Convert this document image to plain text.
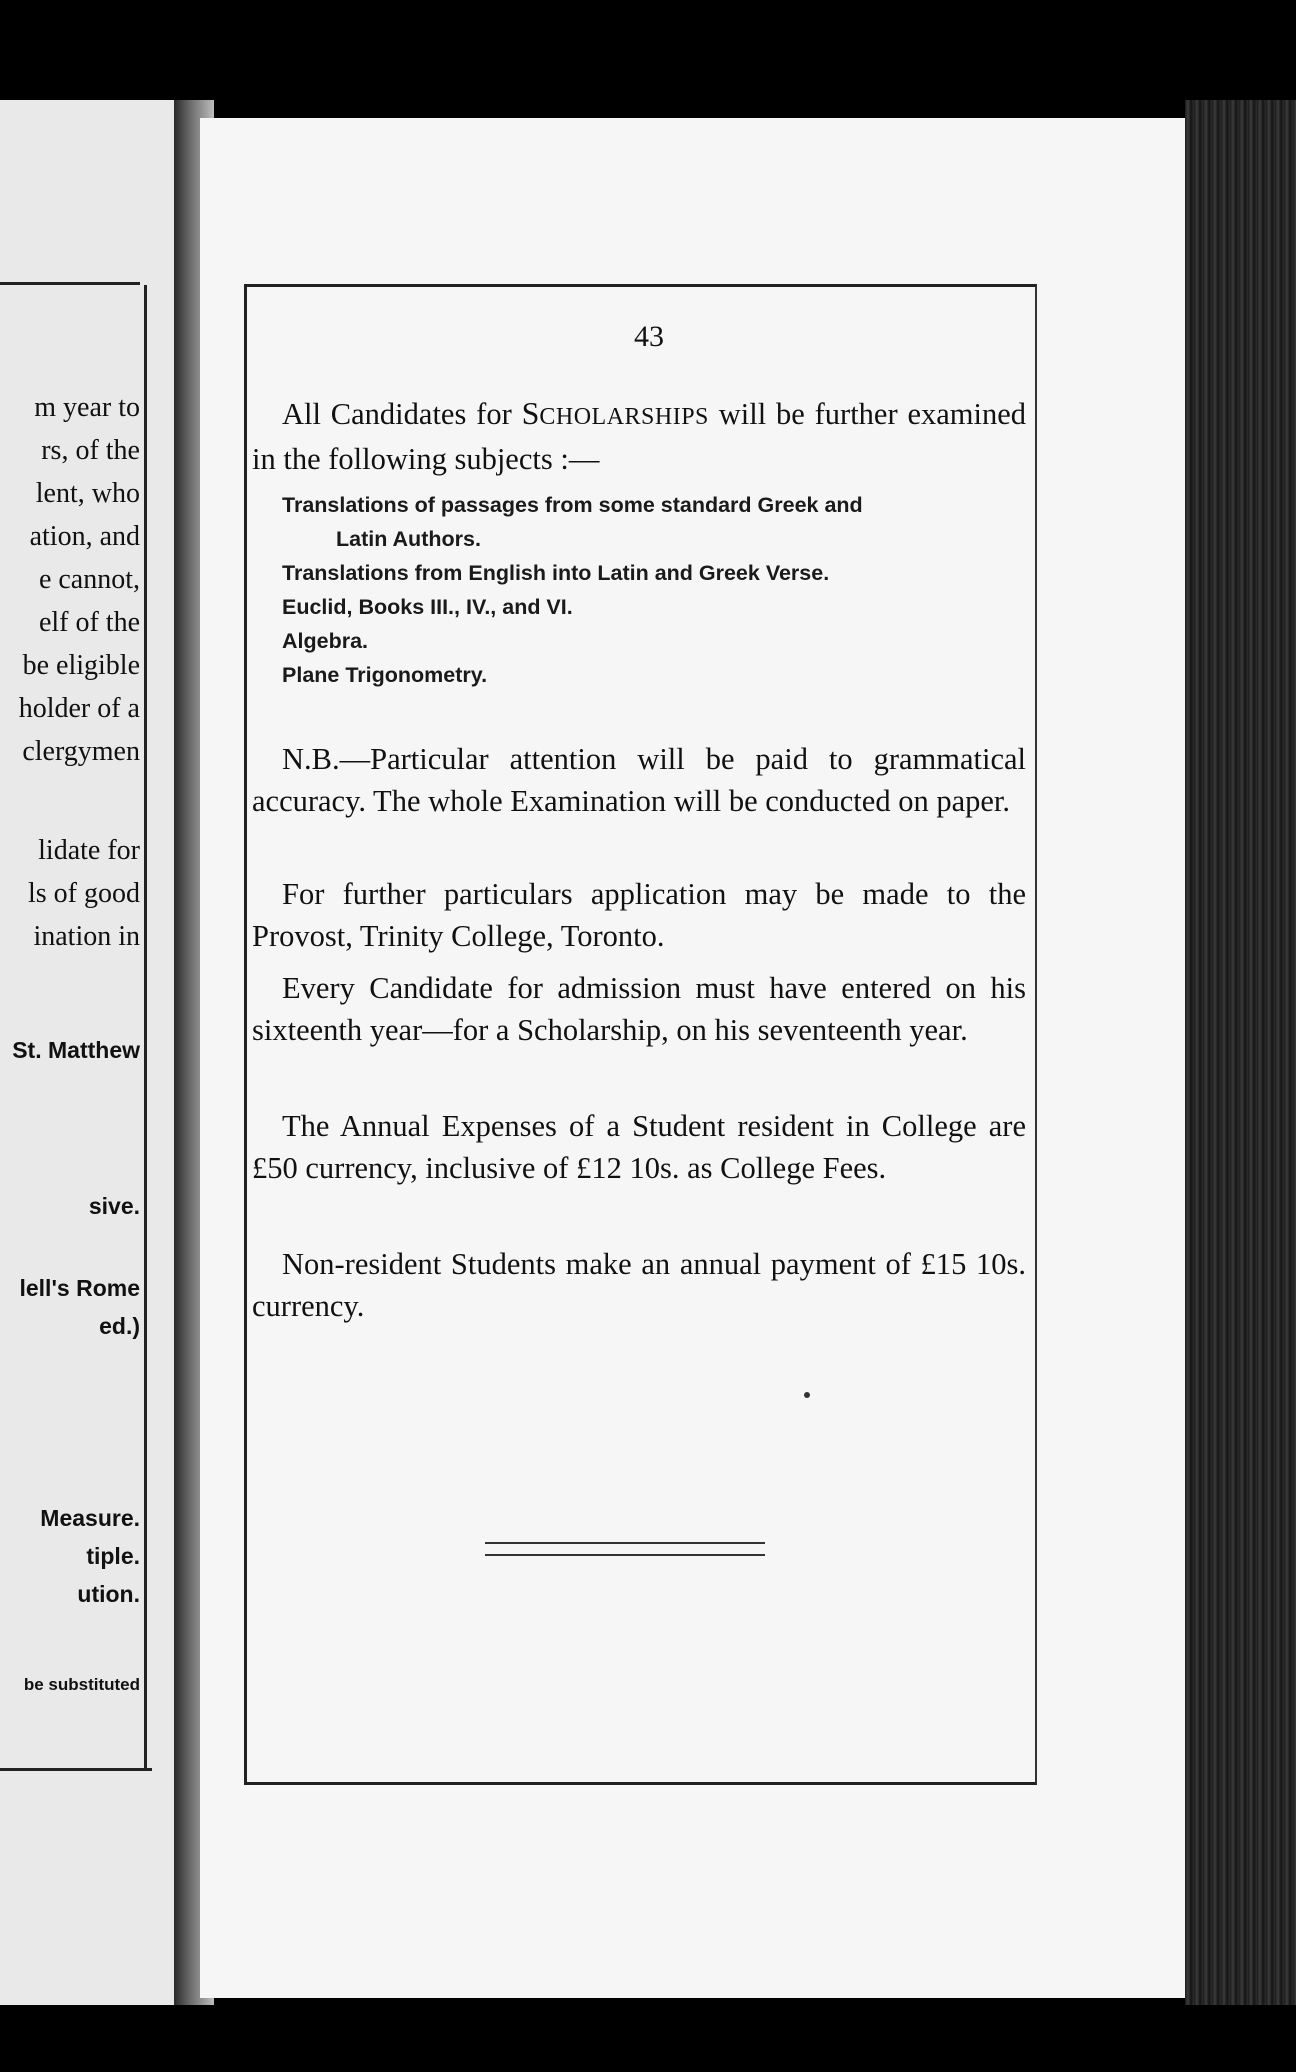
m year to
rs, of the
lent, who
ation, and
e cannot,
elf of the
be eligible
holder of a
clergymen
lidate for
ls of good
ination in
St. Matthew
sive.
lell's Rome
ed.)
Measure.
tiple.
ution.
be substituted
43
All Candidates for SCHOLARSHIPS will be further examined in the following subjects :—
Translations of passages from some standard Greek and
Latin Authors.
Translations from English into Latin and Greek Verse.
Euclid, Books III., IV., and VI.
Algebra.
Plane Trigonometry.
N.B.—Particular attention will be paid to grammatical accuracy. The whole Examination will be conducted on paper.
For further particulars application may be made to the Provost, Trinity College, Toronto.
Every Candidate for admission must have entered on his sixteenth year—for a Scholarship, on his seventeenth year.
The Annual Expenses of a Student resident in College are £50 currency, inclusive of £12 10s. as College Fees.
Non-resident Students make an annual payment of £15 10s. currency.
